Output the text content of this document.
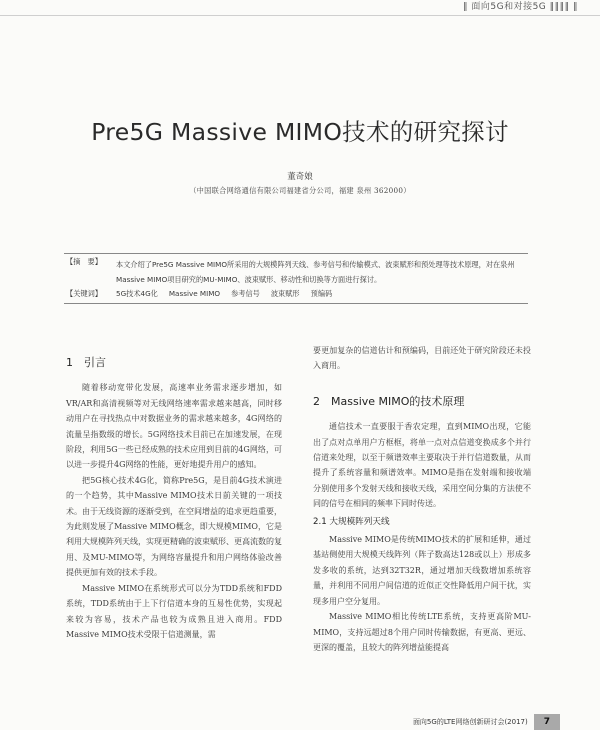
‖ 面向5G和对接5G ‖‖‖‖ ‖
Pre5G Massive MIMO技术的研究探讨
董奇娘
（中国联合网络通信有限公司福建省分公司，福建 泉州 362000）
【摘　要】 本文介绍了Pre5G Massive MIMO所采用的大规模阵列天线、参考信号和传输模式、波束赋形和预处理等技术原理，对在泉州Massive MIMO项目研究的MU-MIMO、波束赋形、移动性和切换等方面进行探讨。
【关键词】 5G技术4G化 Massive MIMO 参考信号 波束赋形 预编码
1　引言
随着移动宽带化发展，高速率业务需求逐步增加，如VR/AR和高清视频等对无线网络速率需求越来越高，同时移动用户在寻找热点中对数据业务的需求越来越多，4G网络的流量呈指数级的增长。5G网络技术目前已在加速发展，在现阶段，利用5G一些已经成熟的技术应用到目前的4G网络，可以进一步提升4G网络的性能，更好地提升用户的感知。
把5G核心技术4G化，简称Pre5G，是目前4G技术演进的一个趋势，其中Massive MIMO技术日前关键的一项技术。由于无线资源的逐渐受到，在空间增益的追求更趋重要，为此则发展了Massive MIMO概念，即大规模MIMO，它是利用大规模阵列天线，实现更精确的波束赋形、更高流数的复用、及MU-MIMO等，为网络容量提升和用户网络体验改善提供更加有效的技术手段。
Massive MIMO在系统形式可以分为TDD系统和FDD系统，TDD系统由于上下行信道本身的互易性优势，实现起来较为容易，技术产品也较为成熟且进入商用。FDD Massive MIMO技术受限于信道测量，需
要更加复杂的信道估计和预编码，目前还处于研究阶段还未投入商用。
2　Massive MIMO的技术原理
通信技术一直要服于香农定理，直到MIMO出现，它能出了点对点单用户方框框，将单一点对点信道变换成多个并行信道来处理，以至于频谱效率主要取决于并行信道数量，从而提升了系统容量和频谱效率。MIMO是指在发射端和接收端分别使用多个发射天线和接收天线，采用空间分集的方法使不同的信号在相同的频率下同时传送。
2.1 大规模阵列天线
Massive MIMO是传统MIMO技术的扩展和延伸，通过基站侧使用大规模天线阵列（阵子数高达128或以上）形成多发多收的系统，达到32T32R，通过增加天线数增加系统容量，并利用不同用户间信道的近似正交性降低用户间干扰，实现多用户空分复用。
Massive MIMO相比传统LTE系统，支持更高阶MU-MIMO，支持远超过8个用户同时传输数据，有更高、更远、更深的覆盖，且较大的阵列增益能提高
面向5G的LTE网络创新研讨会(2017)	7
